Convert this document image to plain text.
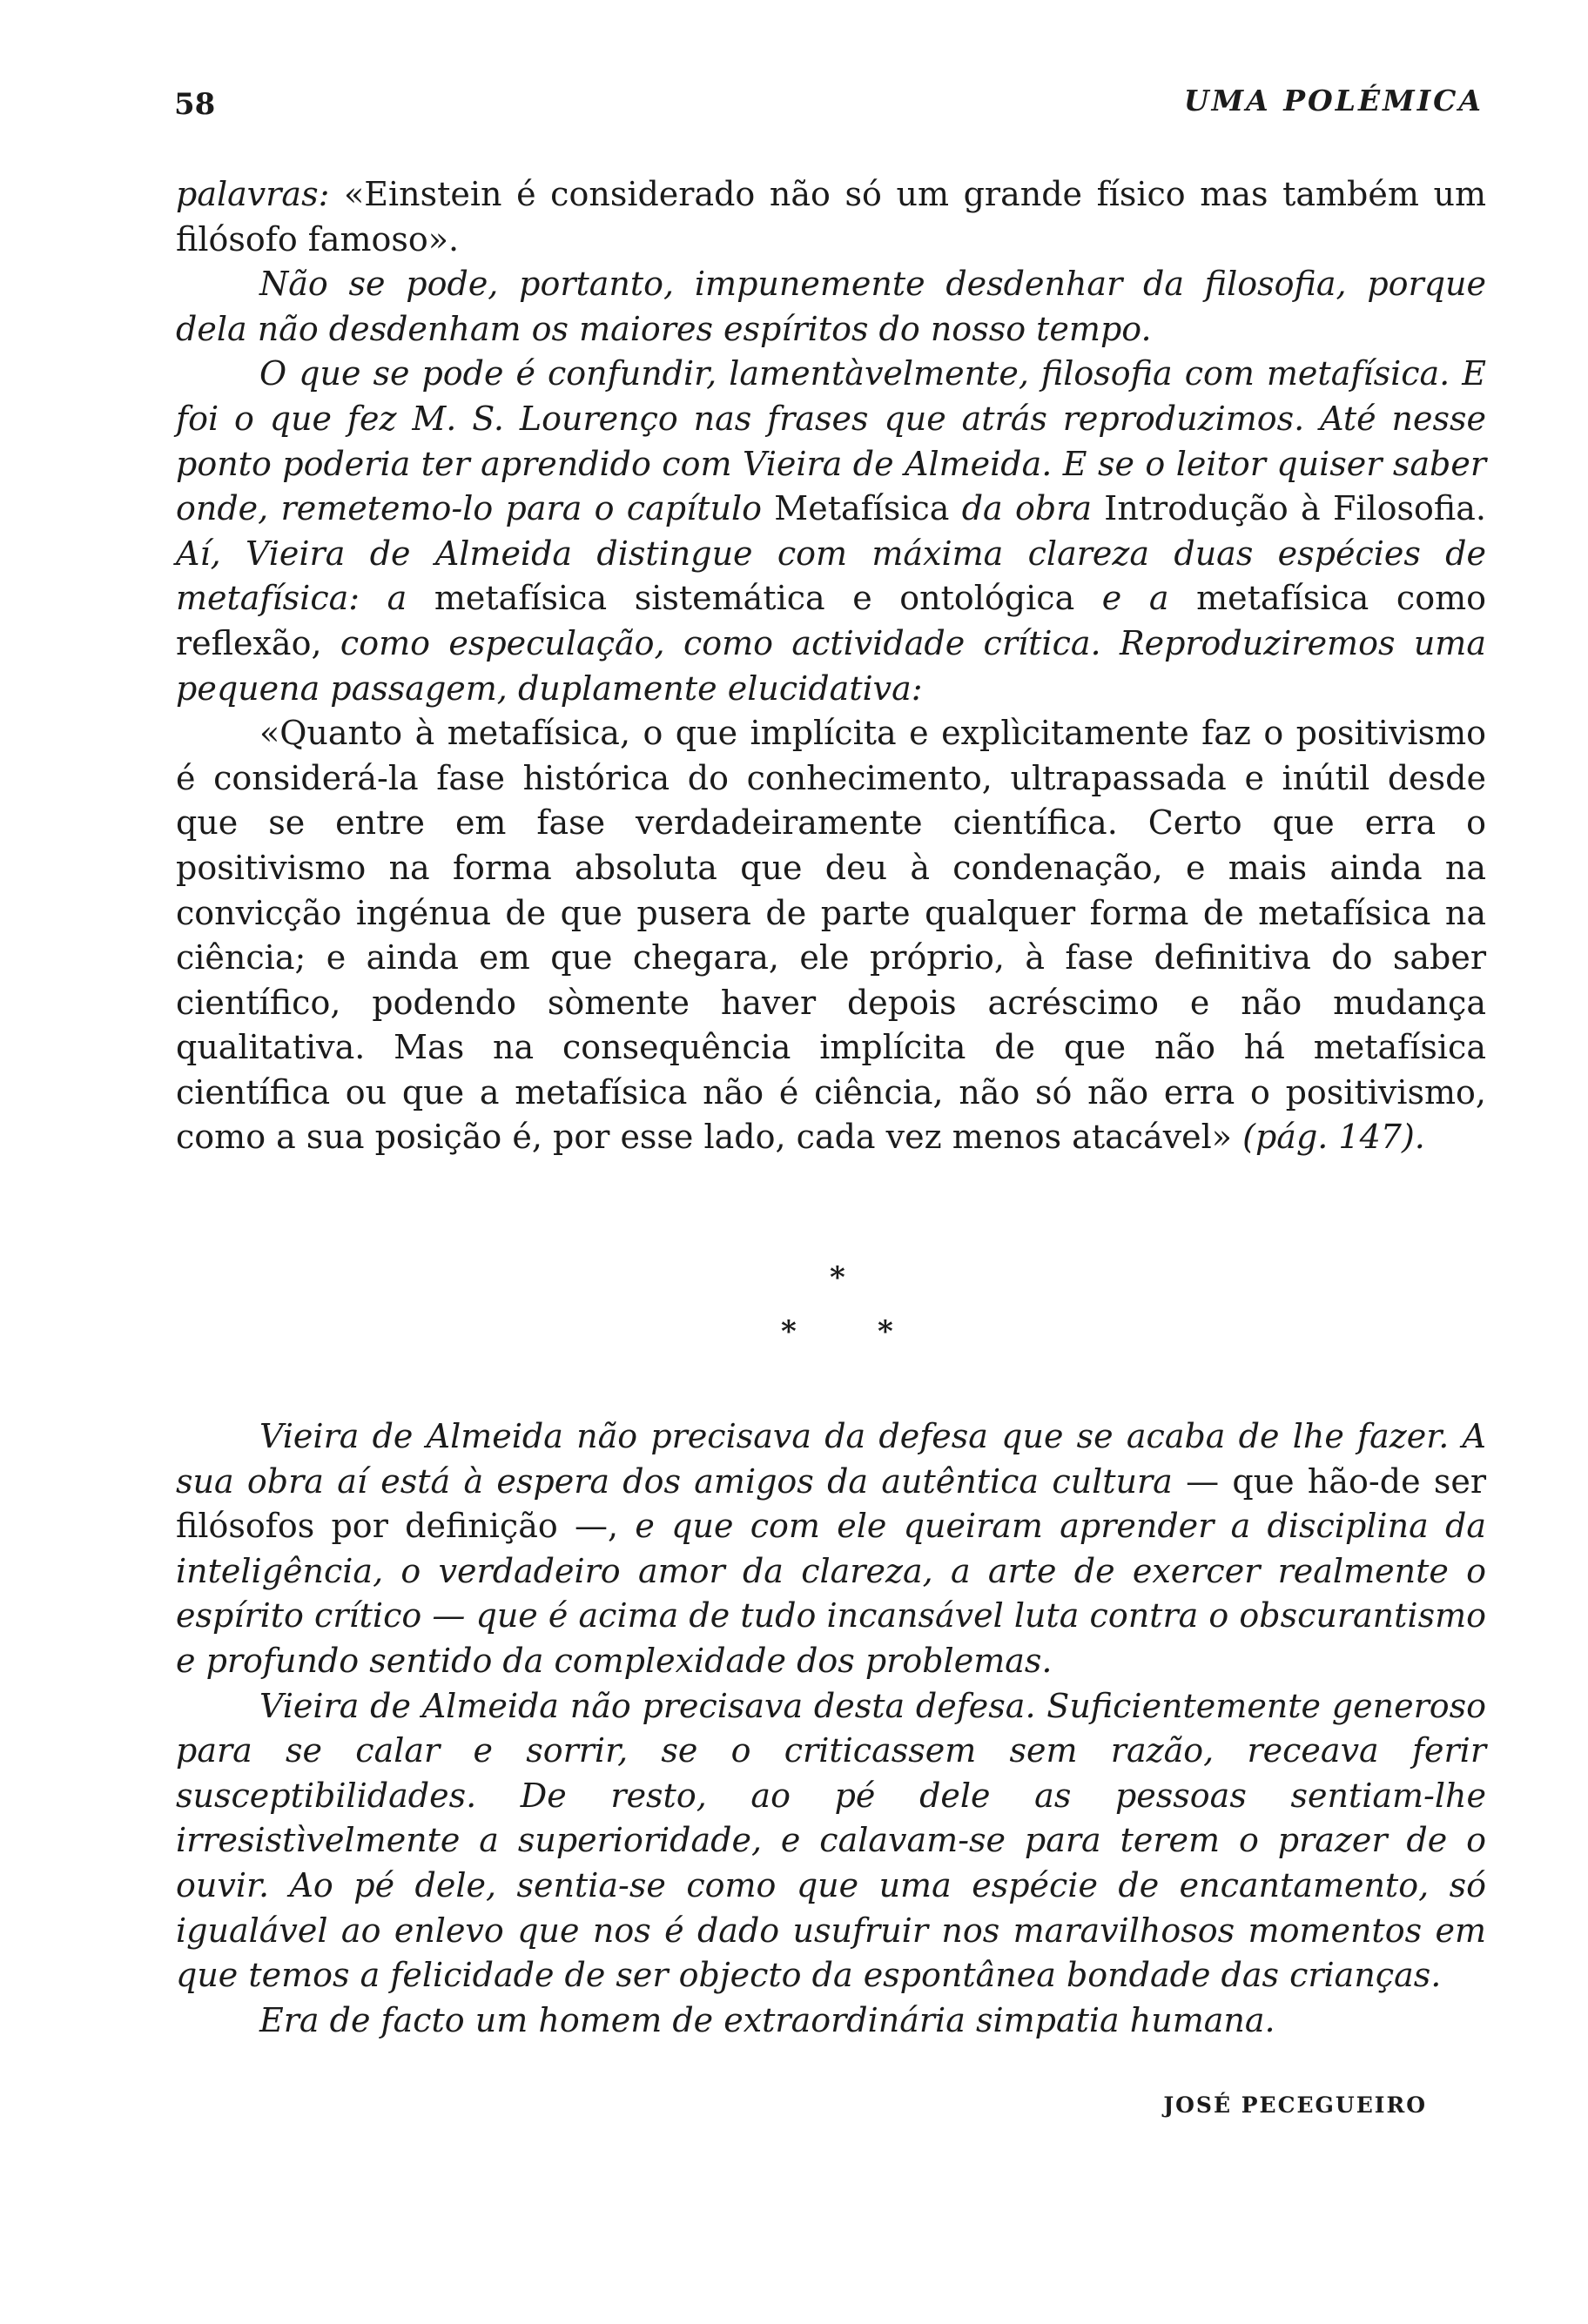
58	UMA POLÉMICA

palavras: «Einstein é considerado não só um grande físico mas também um filósofo famoso».

Não se pode, portanto, impunemente desdenhar da filosofia, porque dela não desdenham os maiores espíritos do nosso tempo.

O que se pode é confundir, lamentàvelmente, filosofia com metafísica. E foi o que fez M. S. Lourenço nas frases que atrás reproduzimos. Até nesse ponto poderia ter aprendido com Vieira de Almeida. E se o leitor quiser saber onde, remetemo-lo para o capítulo Metafísica da obra Introdução à Filosofia. Aí, Vieira de Almeida distingue com máxima clareza duas espécies de metafísica: a metafísica sistemática e ontológica e a metafísica como reflexão, como especulação, como actividade crítica. Reproduziremos uma pequena passagem, duplamente elucidativa:

«Quanto à metafísica, o que implícita e explìcitamente faz o positivismo é considerá-la fase histórica do conhecimento, ultrapassada e inútil desde que se entre em fase verdadeiramente científica. Certo que erra o positivismo na forma absoluta que deu à condenação, e mais ainda na convicção ingénua de que pusera de parte qualquer forma de metafísica na ciência; e ainda em que chegara, ele próprio, à fase definitiva do saber científico, podendo sòmente haver depois acréscimo e não mudança qualitativa. Mas na consequência implícita de que não há metafísica científica ou que a metafísica não é ciência, não só não erra o positivismo, como a sua posição é, por esse lado, cada vez menos atacável» (pág. 147).

*
*	*

Vieira de Almeida não precisava da defesa que se acaba de lhe fazer. A sua obra aí está à espera dos amigos da autêntica cultura — que hão-de ser filósofos por definição —, e que com ele queiram aprender a disciplina da inteligência, o verdadeiro amor da clareza, a arte de exercer realmente o espírito crítico — que é acima de tudo incansável luta contra o obscurantismo e profundo sentido da complexidade dos problemas.

Vieira de Almeida não precisava desta defesa. Suficientemente generoso para se calar e sorrir, se o criticassem sem razão, receava ferir susceptibilidades. De resto, ao pé dele as pessoas sentiam-lhe irresistìvelmente a superioridade, e calavam-se para terem o prazer de o ouvir. Ao pé dele, sentia-se como que uma espécie de encantamento, só igualável ao enlevo que nos é dado usufruir nos maravilhosos momentos em que temos a felicidade de ser objecto da espontânea bondade das crianças.

Era de facto um homem de extraordinária simpatia humana.

JOSÉ PECEGUEIRO
